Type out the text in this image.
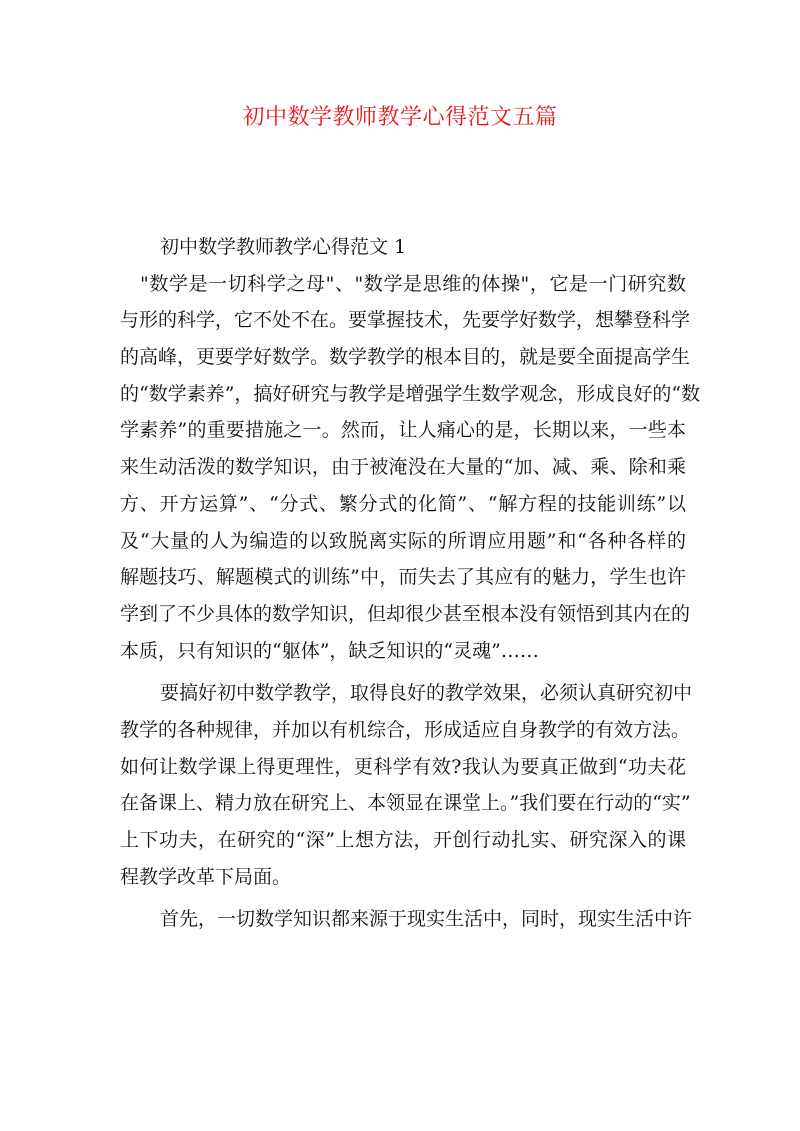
初中数学教师教学心得范文五篇
初中数学教师教学心得范文 1
"数学是一切科学之母"、"数学是思维的体操"，它是一门研究数
与形的科学，它不处不在。要掌握技术，先要学好数学，想攀登科学
的高峰，更要学好数学。数学教学的根本目的，就是要全面提高学生
的“数学素养”，搞好研究与教学是增强学生数学观念，形成良好的“数
学素养”的重要措施之一。然而，让人痛心的是，长期以来，一些本
来生动活泼的数学知识，由于被淹没在大量的“加、减、乘、除和乘
方、开方运算”、“分式、繁分式的化简”、“解方程的技能训练”以
及“大量的人为编造的以致脱离实际的所谓应用题”和“各种各样的
解题技巧、解题模式的训练”中，而失去了其应有的魅力，学生也许
学到了不少具体的数学知识，但却很少甚至根本没有领悟到其内在的
本质，只有知识的“躯体”，缺乏知识的“灵魂”……
要搞好初中数学教学，取得良好的教学效果，必须认真研究初中
教学的各种规律，并加以有机综合，形成适应自身教学的有效方法。
如何让数学课上得更理性，更科学有效?我认为要真正做到“功夫花
在备课上、精力放在研究上、本领显在课堂上。”我们要在行动的“实”
上下功夫，在研究的“深”上想方法，开创行动扎实、研究深入的课
程教学改革下局面。
首先，一切数学知识都来源于现实生活中，同时，现实生活中许
